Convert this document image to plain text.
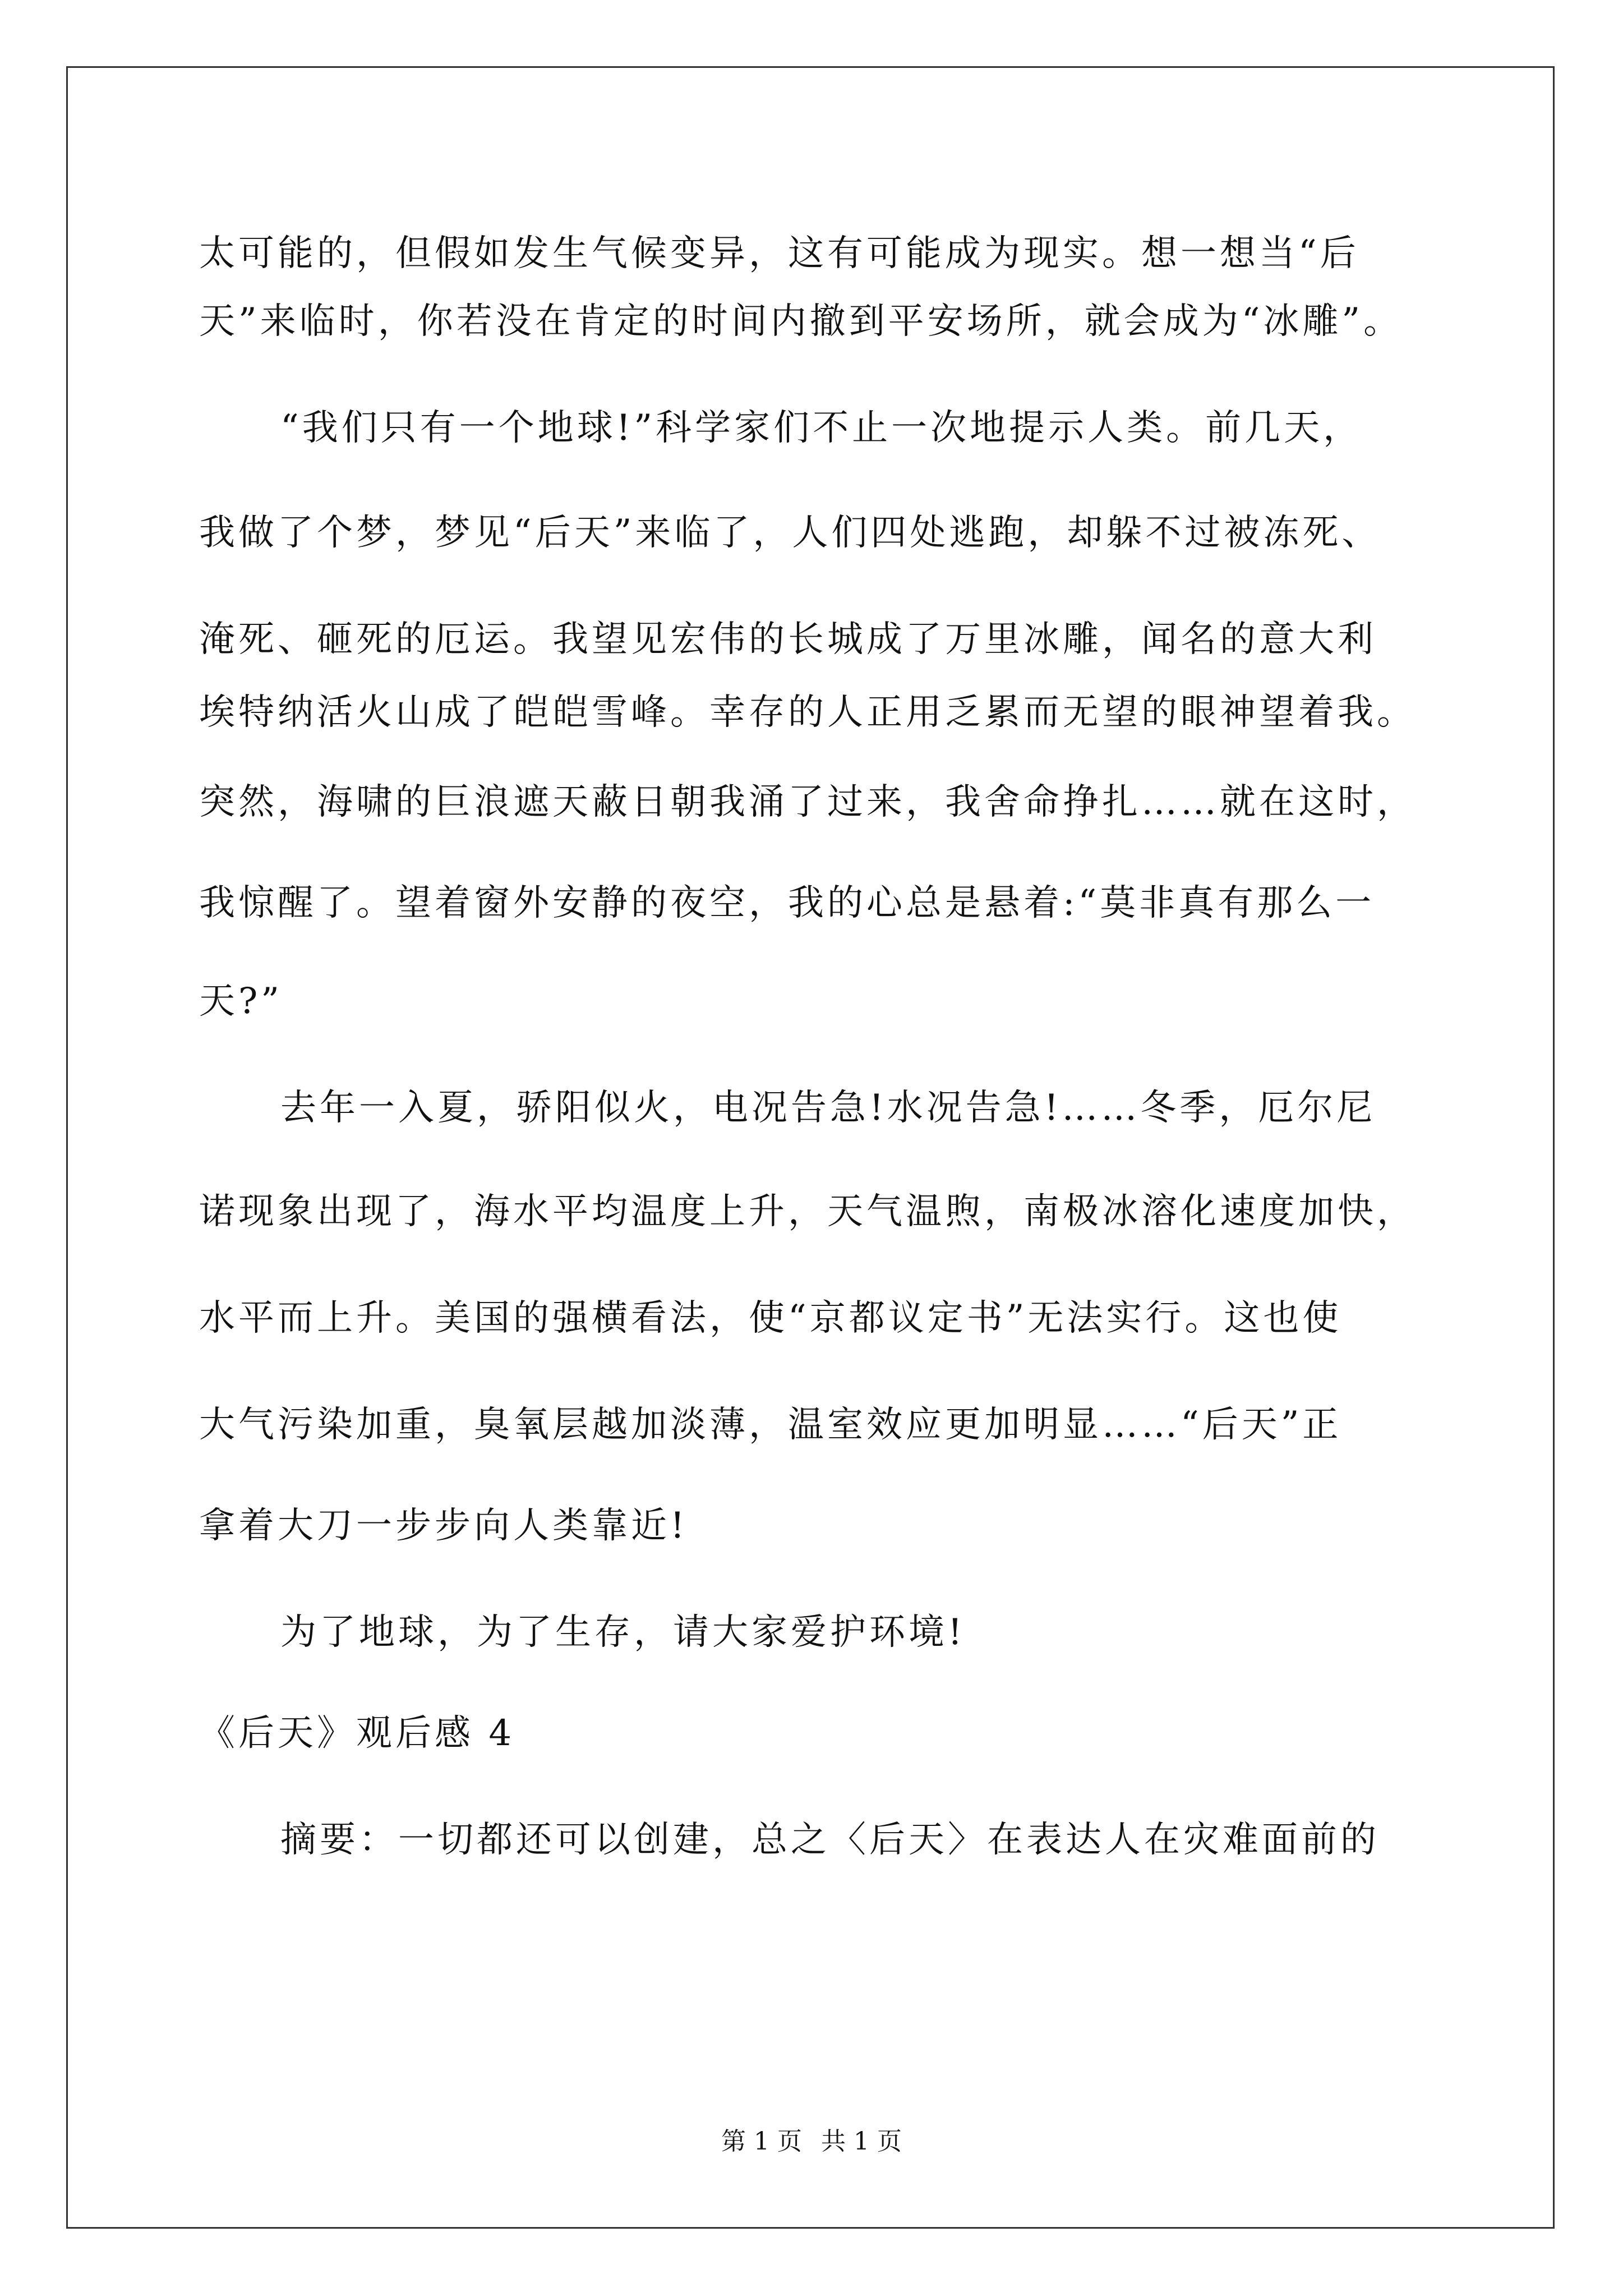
太可能的，但假如发生气候变异，这有可能成为现实。想一想当“后
天”来临时，你若没在肯定的时间内撤到平安场所，就会成为“冰雕”。
“我们只有一个地球!”科学家们不止一次地提示人类。前几天，
我做了个梦，梦见“后天”来临了，人们四处逃跑，却躲不过被冻死、
淹死、砸死的厄运。我望见宏伟的长城成了万里冰雕，闻名的意大利
埃特纳活火山成了皑皑雪峰。幸存的人正用乏累而无望的眼神望着我。
突然，海啸的巨浪遮天蔽日朝我涌了过来，我舍命挣扎……就在这时，
我惊醒了。望着窗外安静的夜空，我的心总是悬着:“莫非真有那么一
天?”
去年一入夏，骄阳似火，电况告急!水况告急!……冬季，厄尔尼
诺现象出现了，海水平均温度上升，天气温煦，南极冰溶化速度加快，
水平而上升。美国的强横看法，使“京都议定书”无法实行。这也使
大气污染加重，臭氧层越加淡薄，温室效应更加明显……“后天”正
拿着大刀一步步向人类靠近!
为了地球，为了生存，请大家爱护环境!
《后天》观后感 4
摘要：一切都还可以创建，总之〈后天〉在表达人在灾难面前的
第 1 页 共 1 页
